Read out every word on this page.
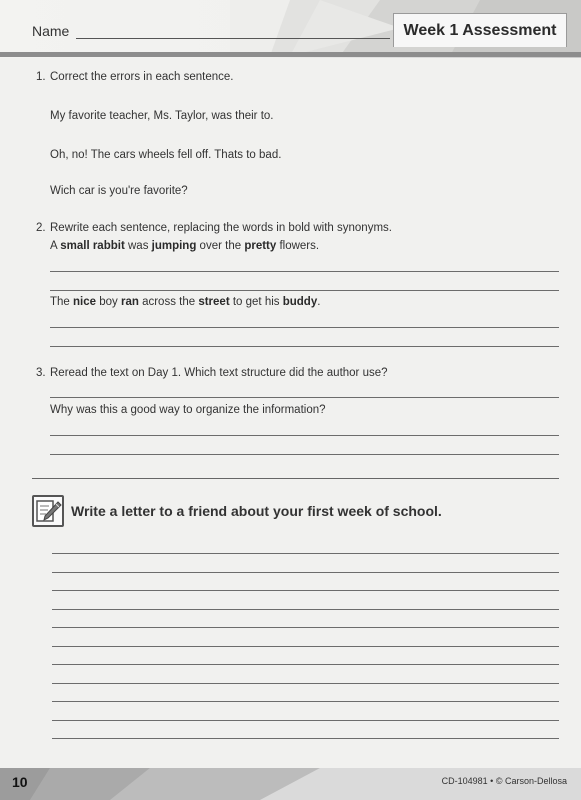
Name	Week 1 Assessment
1. Correct the errors in each sentence.
My favorite teacher, Ms. Taylor, was their to.
Oh, no! The cars wheels fell off. Thats to bad.
Wich car is you're favorite?
2. Rewrite each sentence, replacing the words in bold with synonyms.
A small rabbit was jumping over the pretty flowers.
The nice boy ran across the street to get his buddy.
3. Reread the text on Day 1. Which text structure did the author use?
Why was this a good way to organize the information?
Write a letter to a friend about your first week of school.
10	CD-104981 • © Carson-Dellosa
